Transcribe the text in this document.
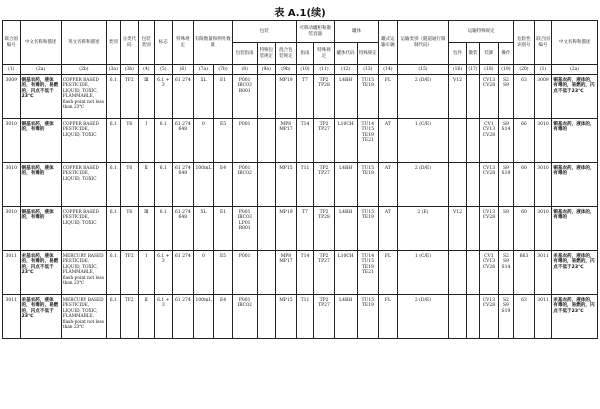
表 A.1(续)
联合国编号	中文名称和描述	英文名称和描述	类别	分类代码	包装类别	标志	特殊规定	有限数量和例外数量		包装			可移动罐柜和散装容器		罐体		罐式运输车辆	运输类别（隧道通行限制代码）	运输特殊规定				危险性识别号	联合国编号	中文名称和描述
										包装指南	特殊包装规定	混合包装规定	指南	特殊规定	罐体代码	特殊规定			包件	散装	装卸	操作			
(1)	(2a)	(2b)	(3a)	(3b)	(4)	(5)	(6)	(7a)	(7b)	(8)	(9a)	(9b)	(10)	(11)	(12)	(13)	(14)	(15)	(16)	(17)	(18)	(19)	(20)	(1)	(2a)
3009	铜基农药，液体的，有毒的，易燃的，闪点不低于23℃	COPPER BASED PESTICIDE, LIQUID, TOXIC, FLAMMABLE, flash-point not less than 23℃	6.1	TF2	Ⅲ	6.1 + 3	61 274	5L	E1	P001 IBC03 R001		MP19	T7	TP2 TP28	L4BH	TU15 TE19	FL	2 (D/E)	V12		CV13 CV28	S2 S9	63	3009	铜基农药，液体的，有毒的，易燃的，闪点不低于23℃
3010	铜基农药，液体的，有毒的	COPPER BASED PESTICIDE, LIQUID, TOXIC	6.1	T6	Ⅰ	6.1	61 274 648	0	E5	P001		MP8 MP17	T14	TP2 TP27	L10CH	TU14 TU15 TE19 TE21	AT	1 (C/E)			CV1 CV13 CV28	S9 S14	66	3010	铜基农药，液体的，有毒的
3010	铜基农药，液体的，有毒的	COPPER BASED PESTICIDE, LIQUID, TOXIC	6.1	T6	Ⅱ	6.1	61 274 648	100mL	E4	P001 IBC02		MP15	T11	TP2 TP27	L4BH	TU15 TE19	AT	2 (D/E)			CV13 CV28	S9 S19	60	3010	铜基农药，液体的，有毒的
3010	铜基农药，液体的，有毒的	COPPER BASED PESTICIDE, LIQUID, TOXIC	6.1	T6	Ⅲ	6.1	61 274 648	5L	E1	P001 IBC03 LP01 R001		MP19	T7	TP2 TP28	L4BH	TU15 TE19	AT	2 (E)	V12		CV13 CV28	S9	60	3010	铜基农药，液体的，有毒的
3011	汞基农药，液体的，有毒的，易燃的，闪点不低于23℃	MERCURY BASED PESTICIDE, LIQUID, TOXIC, FLAMMABLE, flash-point not less than 23℃	6.1	TF2	Ⅰ	6.1 + 3	61 274	0	E5	P001		MP8 MP17	T14	TP2 TP27	L10CH	TU14 TU15 TE19 TE21	FL	1 (C/E)			CV1 CV13 CV28	S2 S9 S14	663	3011	汞基农药，液体的，有毒的，易燃的，闪点不低于23℃
3011	汞基农药，液体的，有毒的，易燃的，闪点不低于23℃	MERCURY BASED PESTICIDE, LIQUID, TOXIC, FLAMMABLE, flash-point not less than 23℃	6.1	TF2	Ⅱ	6.1 + 3	61 274	100mL	E4	P001 IBC02		MP15	T11	TP2 TP27	L4BH	TU15 TE19	FL	2 (D/E)			CV13 CV28	S2 S9 S19	63	3011	汞基农药，液体的，有毒的，易燃的，闪点不低于23℃
